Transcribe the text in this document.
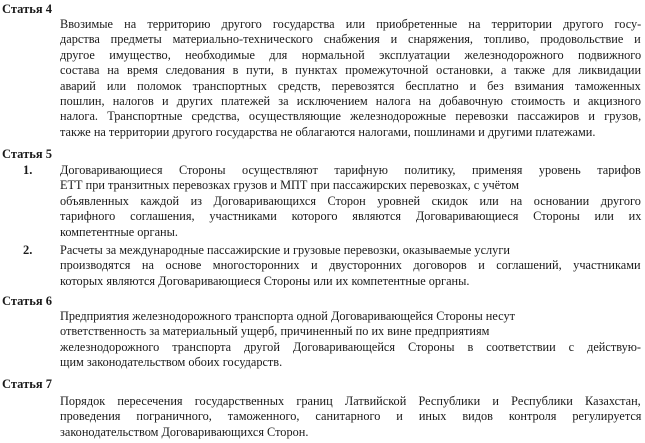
Статья 4

Ввозимые на территорию другого государства или приобретенные на территории другого госу-
дарства предметы материально-технического снабжения и снаряжения, топливо, продовольствие и
другое имущество, необходимые для нормальной эксплуатации железнодорожного подвижного
состава на время следования в пути, в пунктах промежуточной остановки, а также для ликвидации
аварий или поломок транспортных средств, перевозятся бесплатно и без взимания таможенных
пошлин, налогов и других платежей за исключением налога на добавочную стоимость и акцизного
налога. Транспортные средства, осуществляющие железнодорожные перевозки пассажиров и грузов,
также на территории другого государства не облагаются налогами, пошлинами и другими платежами.

Статья 5
1. Договаривающиеся Стороны осуществляют тарифную политику, применяя уровень тарифов
ЕТТ при транзитных перевозках грузов и МПТ при пассажирских перевозках, с учётом
объявленных каждой из Договаривающихся Сторон уровней скидок или на основании другого
тарифного соглашения, участниками которого являются Договаривающиеся Стороны или их
компетентные органы.

2. Расчеты за международные пассажирские и грузовые перевозки, оказываемые услуги
производятся на основе многосторонних и двусторонних договоров и соглашений, участниками
которых являются Договаривающиеся Стороны или их компетентные органы.

Статья 6

Предприятия железнодорожного транспорта одной Договаривающейся Стороны несут
ответственность за материальный ущерб, причиненный по их вине предприятиям
железнодорожного транспорта другой Договаривающейся Стороны в соответствии с действую-
щим законодательством обоих государств.

Статья 7

Порядок пересечения государственных границ Латвийской Республики и Республики Казахстан,
проведения пограничного, таможенного, санитарного и иных видов контроля регулируется
законодательством Договаривающихся Сторон.
